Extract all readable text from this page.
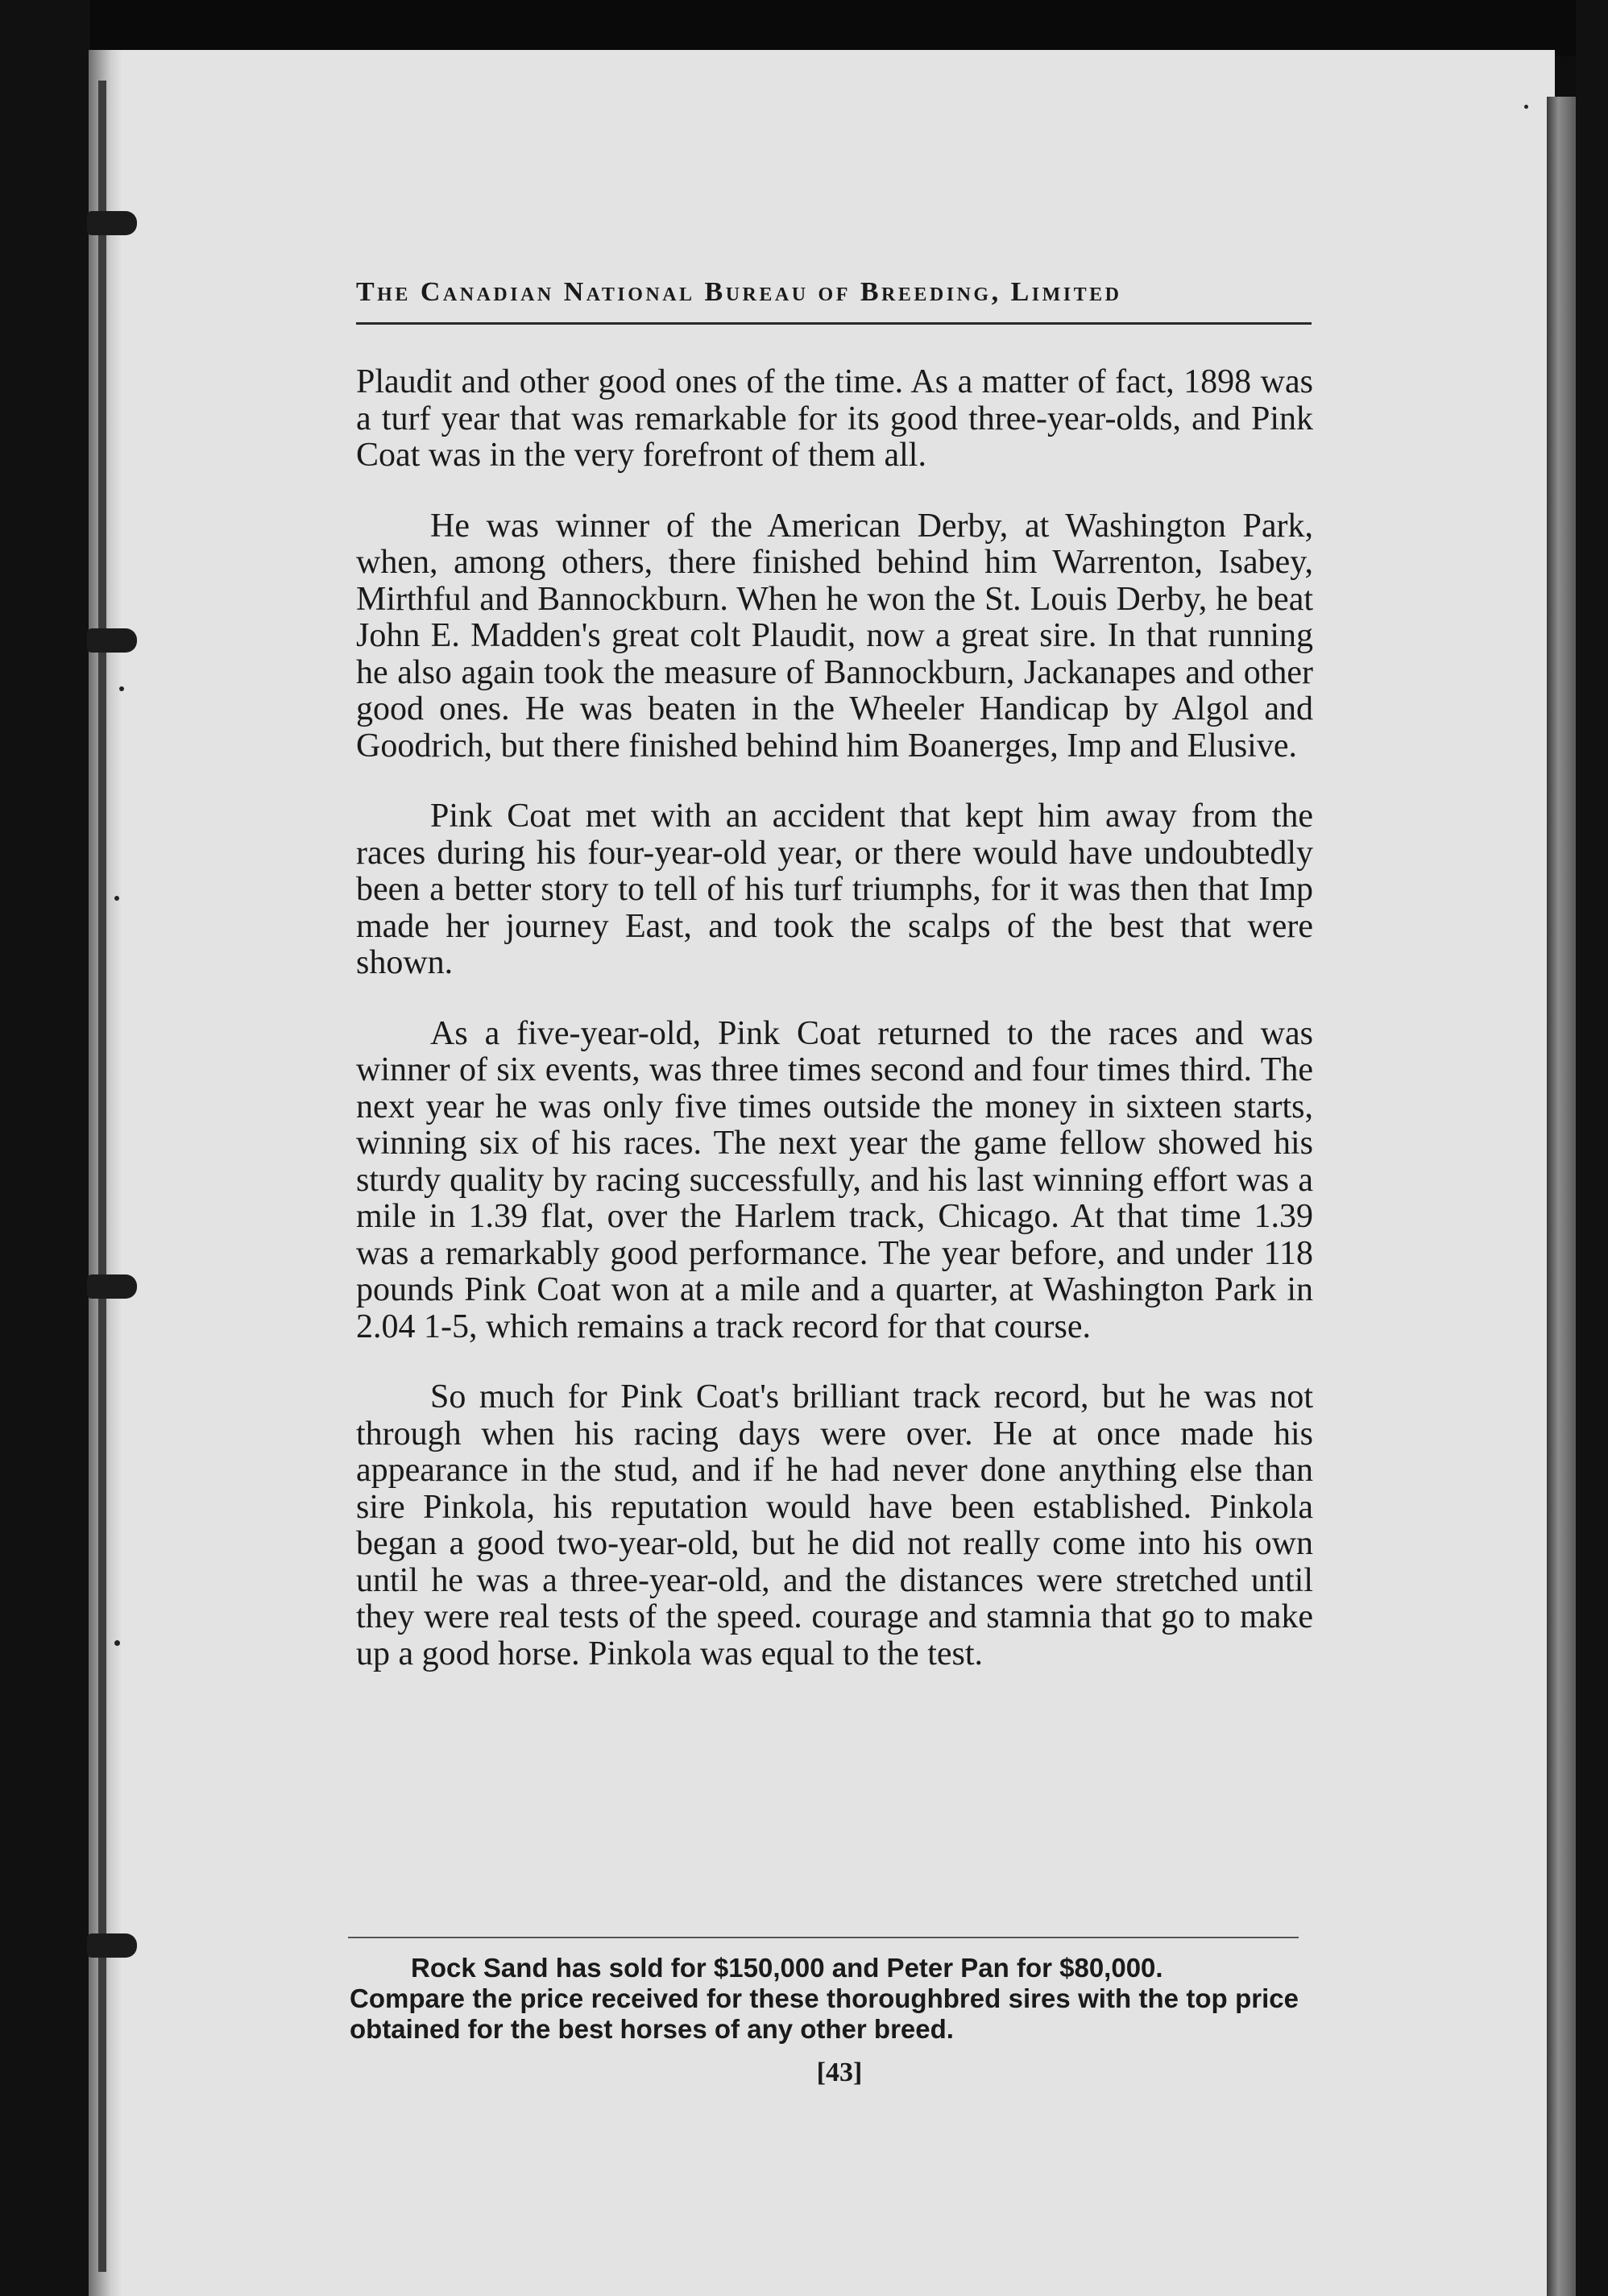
The Canadian National Bureau of Breeding, Limited

Plaudit and other good ones of the time. As a matter of fact, 1898 was a turf year that was remarkable for its good three-year-olds, and Pink Coat was in the very forefront of them all.

He was winner of the American Derby, at Washington Park, when, among others, there finished behind him Warrenton, Isabey, Mirthful and Bannockburn. When he won the St. Louis Derby, he beat John E. Madden's great colt Plaudit, now a great sire. In that running he also again took the measure of Bannockburn, Jackanapes and other good ones. He was beaten in the Wheeler Handicap by Algol and Goodrich, but there finished behind him Boanerges, Imp and Elusive.

Pink Coat met with an accident that kept him away from the races during his four-year-old year, or there would have undoubtedly been a better story to tell of his turf triumphs, for it was then that Imp made her journey East, and took the scalps of the best that were shown.

As a five-year-old, Pink Coat returned to the races and was winner of six events, was three times second and four times third. The next year he was only five times outside the money in sixteen starts, winning six of his races. The next year the game fellow showed his sturdy quality by racing successfully, and his last winning effort was a mile in 1.39 flat, over the Harlem track, Chicago. At that time 1.39 was a remarkably good performance. The year before, and under 118 pounds Pink Coat won at a mile and a quarter, at Washington Park in 2.04 1-5, which remains a track record for that course.

So much for Pink Coat's brilliant track record, but he was not through when his racing days were over. He at once made his appearance in the stud, and if he had never done anything else than sire Pinkola, his reputation would have been established. Pinkola began a good two-year-old, but he did not really come into his own until he was a three-year-old, and the distances were stretched until they were real tests of the speed. courage and stamnia that go to make up a good horse. Pinkola was equal to the test.

Rock Sand has sold for $150,000 and Peter Pan for $80,000.
Compare the price received for these thoroughbred sires with the top price obtained for the best horses of any other breed.
[43]
